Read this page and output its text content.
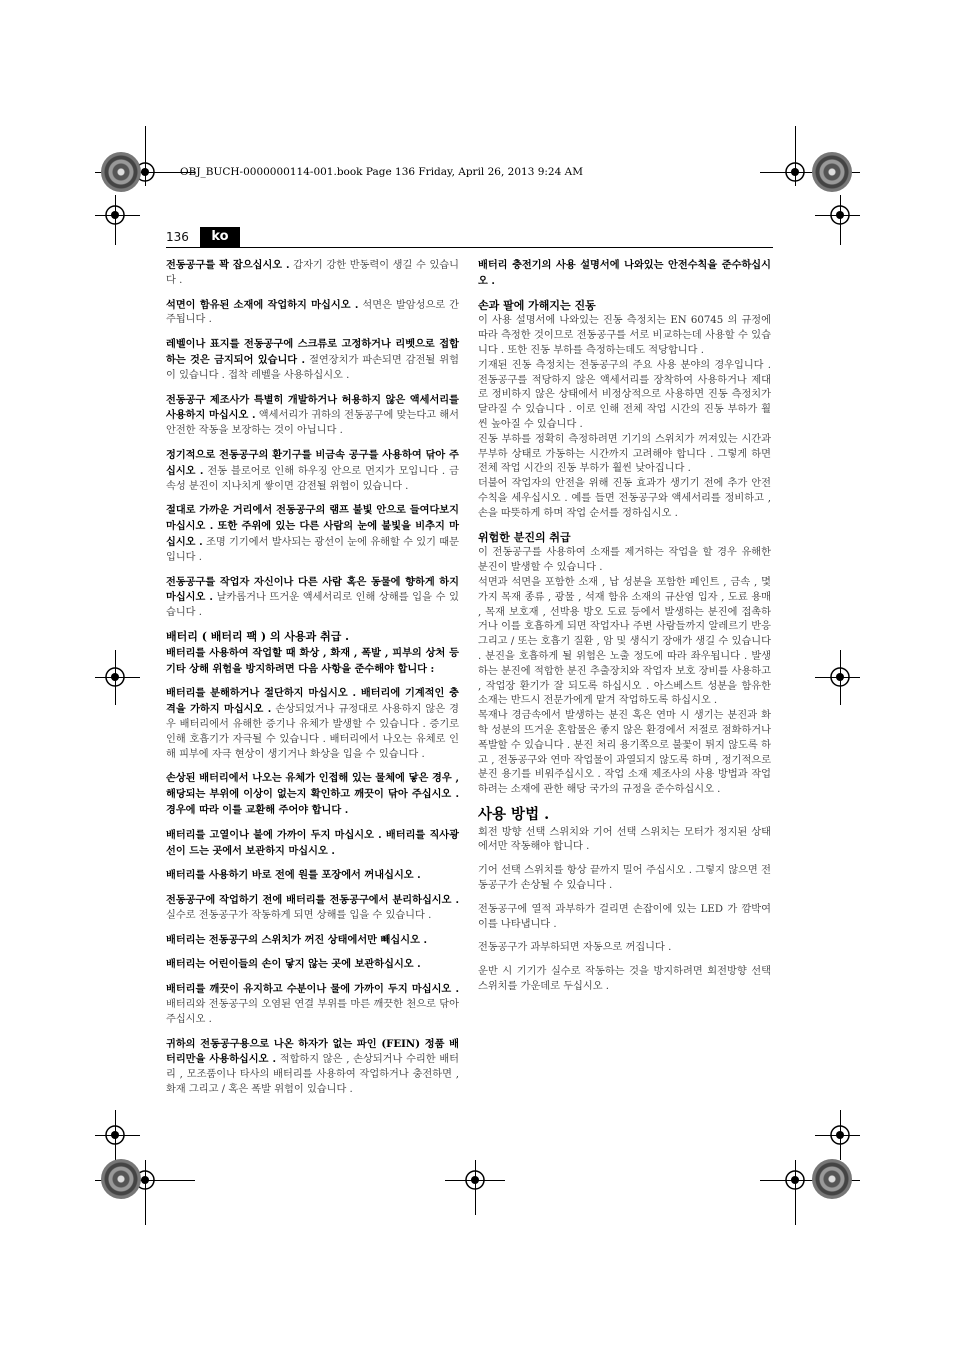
OBJ_BUCH-0000000114-001.book Page 136 Friday, April 26, 2013 9:24 AM
136	ko

전동공구를 꽉 잡으십시오 . 갑자기 강한 반동력이 생길 수 있습니다 .

석면이 함유된 소재에 작업하지 마십시오 . 석면은 발암성으로 간주됩니다 .

레벨이나 표지를 전동공구에 스크류로 고정하거나 리벳으로 접합하는 것은 금지되어 있습니다 . 절연장치가 파손되면 감전될 위험이 있습니다 . 접착 레벨을 사용하십시오 .

전동공구 제조사가 특별히 개발하거나 허용하지 않은 액세서리를 사용하지 마십시오 . 액세서리가 귀하의 전동공구에 맞는다고 해서 안전한 작동을 보장하는 것이 아닙니다 .

정기적으로 전동공구의 환기구를 비금속 공구를 사용하여 닦아 주십시오 . 전동 블로어로 인해 하우징 안으로 먼지가 모입니다 . 금속성 분진이 지나치게 쌓이면 감전될 위험이 있습니다 .

절대로 가까운 거리에서 전동공구의 램프 불빛 안으로 들여다보지 마십시오 . 또한 주위에 있는 다른 사람의 눈에 불빛을 비추지 마십시오 . 조명 기기에서 발사되는 광선이 눈에 유해할 수 있기 때문입니다 .

전동공구를 작업자 자신이나 다른 사람 혹은 동물에 향하게 하지 마십시오 . 날카롭거나 뜨거운 액세서리로 인해 상해를 입을 수 있습니다 .

배터리 ( 배터리 팩 ) 의 사용과 취급 .

배터리를 사용하여 작업할 때 화상 , 화재 , 폭발 , 피부의 상처 등 기타 상해 위험을 방지하려면 다음 사항을 준수해야 합니다 :

배터리를 분해하거나 절단하지 마십시오 . 배터리에 기계적인 충격을 가하지 마십시오 . 손상되었거나 규정대로 사용하지 않은 경우 배터리에서 유해한 증기나 유체가 발생할 수 있습니다 . 증기로 인해 호흡기가 자극될 수 있습니다 . 배터리에서 나오는 유체로 인해 피부에 자극 현상이 생기거나 화상을 입을 수 있습니다 .

손상된 배터리에서 나오는 유체가 인접해 있는 물체에 닿은 경우 , 해당되는 부위에 이상이 없는지 확인하고 깨끗이 닦아 주십시오 . 경우에 따라 이를 교환해 주어야 합니다 .

배터리를 고열이나 불에 가까이 두지 마십시오 . 배터리를 직사광선이 드는 곳에서 보관하지 마십시오 .

배터리를 사용하기 바로 전에 원를 포장에서 꺼내십시오 .

전동공구에 작업하기 전에 배터리를 전동공구에서 분리하십시오 . 실수로 전동공구가 작동하게 되면 상해를 입을 수 있습니다 .

배터리는 전동공구의 스위치가 꺼진 상태에서만 빼십시오 .

배터리는 어린이들의 손이 닿지 않는 곳에 보관하십시오 .

배터리를 깨끗이 유지하고 수분이나 물에 가까이 두지 마십시오 . 배터리와 전동공구의 오염된 연결 부위를 마른 깨끗한 천으로 닦아 주십시오 .

귀하의 전동공구용으로 나온 하자가 없는 파인 (FEIN) 정품 배터리만을 사용하십시오 . 적합하지 않은 , 손상되거나 수리한 배터리 , 모조품이나 타사의 배터리를 사용하여 작업하거나 충전하면 , 화재 그리고 / 혹은 폭발 위험이 있습니다 .

배터리 충전기의 사용 설명서에 나와있는 안전수칙을 준수하십시오 .

손과 팔에 가해지는 진동

이 사용 설명서에 나와있는 진동 측정치는 EN 60745 의 규정에 따라 측정한 것이므로 전동공구를 서로 비교하는데 사용할 수 있습니다 . 또한 진동 부하를 측정하는데도 적당합니다 .

기재된 진동 측정치는 전동공구의 주요 사용 분야의 경우입니다 . 전동공구를 적당하지 않은 액세서리를 장착하여 사용하거나 제대로 정비하지 않은 상태에서 비정상적으로 사용하면 진동 측정치가 달라질 수 있습니다 . 이로 인해 전체 작업 시간의 진동 부하가 훨씬 높아질 수 있습니다 .

진동 부하를 정확히 측정하려면 기기의 스위치가 꺼져있는 시간과 무부하 상태로 가동하는 시간까지 고려해야 합니다 . 그렇게 하면 전체 작업 시간의 진동 부하가 훨씬 낮아집니다 .

더불어 작업자의 안전을 위해 진동 효과가 생기기 전에 추가 안전 수칙을 세우십시오 . 예를 들면 전동공구와 액세서리를 정비하고 , 손을 따뜻하게 하며 작업 순서를 정하십시오 .

위험한 분진의 취급

이 전동공구를 사용하여 소재를 제거하는 작업을 할 경우 유해한 분진이 발생할 수 있습니다 .

석면과 석면을 포함한 소재 , 납 성분을 포함한 페인트 , 금속 , 몇가지 목재 종류 , 광물 , 석재 함유 소재의 규산염 입자 , 도료 용매 , 목재 보호재 , 선박용 방오 도료 등에서 발생하는 분진에 접촉하거나 이를 호흡하게 되면 작업자나 주변 사람들까지 알레르기 반응 그리고 / 또는 호흡기 질환 , 암 및 생식기 장애가 생길 수 있습니다 . 분진을 호흡하게 될 위험은 노출 정도에 따라 좌우됩니다 . 발생하는 분진에 적합한 분진 추출장치와 작업자 보호 장비를 사용하고 , 작업장 환기가 잘 되도록 하십시오 . 아스베스트 성분을 함유한 소재는 반드시 전문가에게 맡겨 작업하도록 하십시오 .

목재나 경금속에서 발생하는 분진 혹은 연마 시 생기는 분진과 화학 성분의 뜨거운 혼합물은 좋지 않은 환경에서 저절로 점화하거나 폭발할 수 있습니다 . 분진 처리 용기쪽으로 불꽃이 튀지 않도록 하고 , 전동공구와 연마 작업물이 과열되지 않도록 하며 , 정기적으로 분진 용기를 비워주십시오 . 작업 소재 제조사의 사용 방법과 작업하려는 소재에 관한 해당 국가의 규정을 준수하십시오 .

사용 방법 .

회전 방향 선택 스위치와 기어 선택 스위치는 모터가 정지된 상태에서만 작동해야 합니다 .

기어 선택 스위치를 항상 끝까지 밀어 주십시오 . 그렇지 않으면 전동공구가 손상될 수 있습니다 .

전동공구에 열적 과부하가 걸리면 손잡이에 있는 LED 가 깜박여 이를 나타냅니다 .

전동공구가 과부하되면 자동으로 꺼집니다 .

운반 시 기기가 실수로 작동하는 것을 방지하려면 회전방향 선택 스위치를 가운데로 두십시오 .
